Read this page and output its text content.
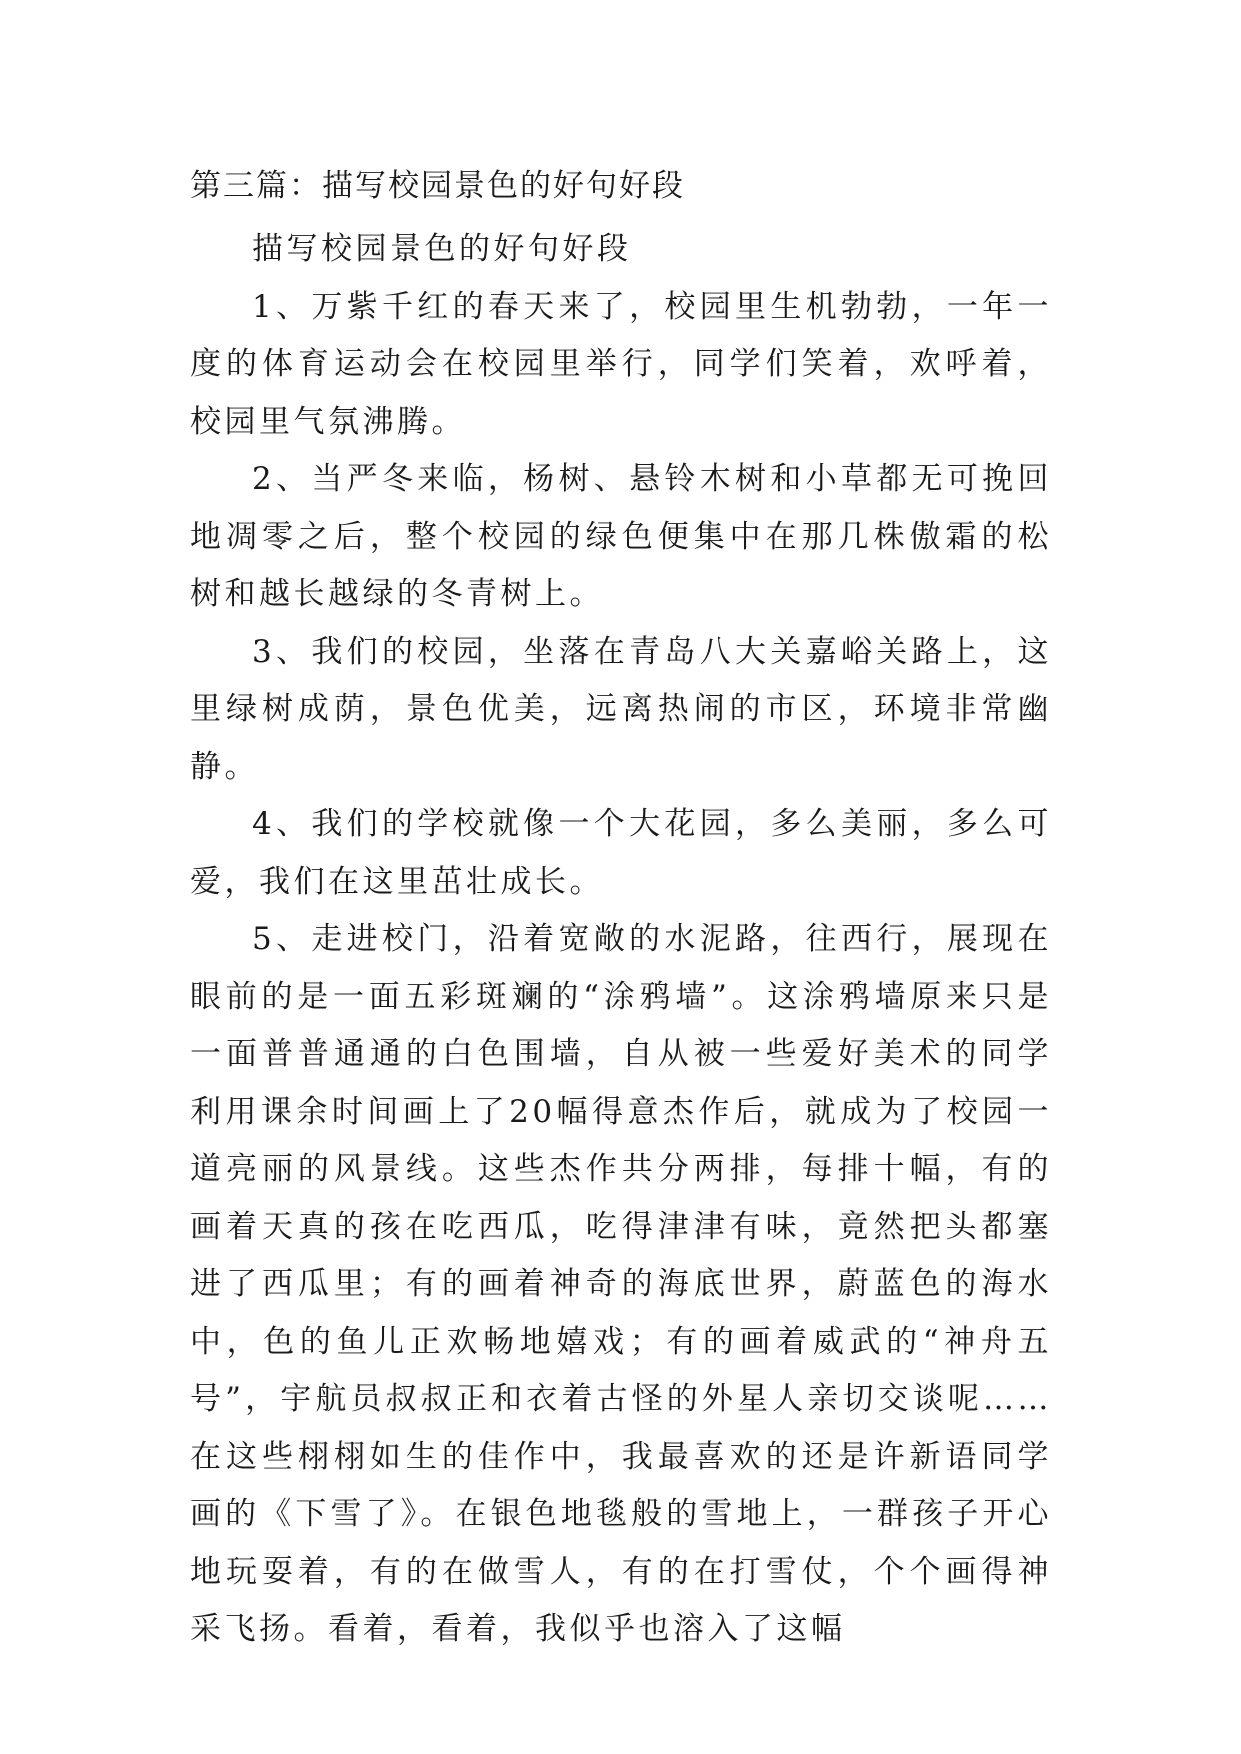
第三篇：描写校园景色的好句好段

描写校园景色的好句好段

1、万紫千红的春天来了，校园里生机勃勃，一年一度的体育运动会在校园里举行，同学们笑着，欢呼着，校园里气氛沸腾。

2、当严冬来临，杨树、悬铃木树和小草都无可挽回地凋零之后，整个校园的绿色便集中在那几株傲霜的松树和越长越绿的冬青树上。

3、我们的校园，坐落在青岛八大关嘉峪关路上，这里绿树成荫，景色优美，远离热闹的市区，环境非常幽静。

4、我们的学校就像一个大花园，多么美丽，多么可爱，我们在这里茁壮成长。

5、走进校门，沿着宽敞的水泥路，往西行，展现在眼前的是一面五彩斑斓的“涂鸦墙”。这涂鸦墙原来只是一面普普通通的白色围墙，自从被一些爱好美术的同学利用课余时间画上了20幅得意杰作后，就成为了校园一道亮丽的风景线。这些杰作共分两排，每排十幅，有的画着天真的孩在吃西瓜，吃得津津有味，竟然把头都塞进了西瓜里；有的画着神奇的海底世界，蔚蓝色的海水中，色的鱼儿正欢畅地嬉戏；有的画着威武的“神舟五号”，宇航员叔叔正和衣着古怪的外星人亲切交谈呢……在这些栩栩如生的佳作中，我最喜欢的还是许新语同学画的《下雪了》。在银色地毯般的雪地上，一群孩子开心地玩耍着，有的在做雪人，有的在打雪仗，个个画得神采飞扬。看着，看着，我似乎也溶入了这幅
